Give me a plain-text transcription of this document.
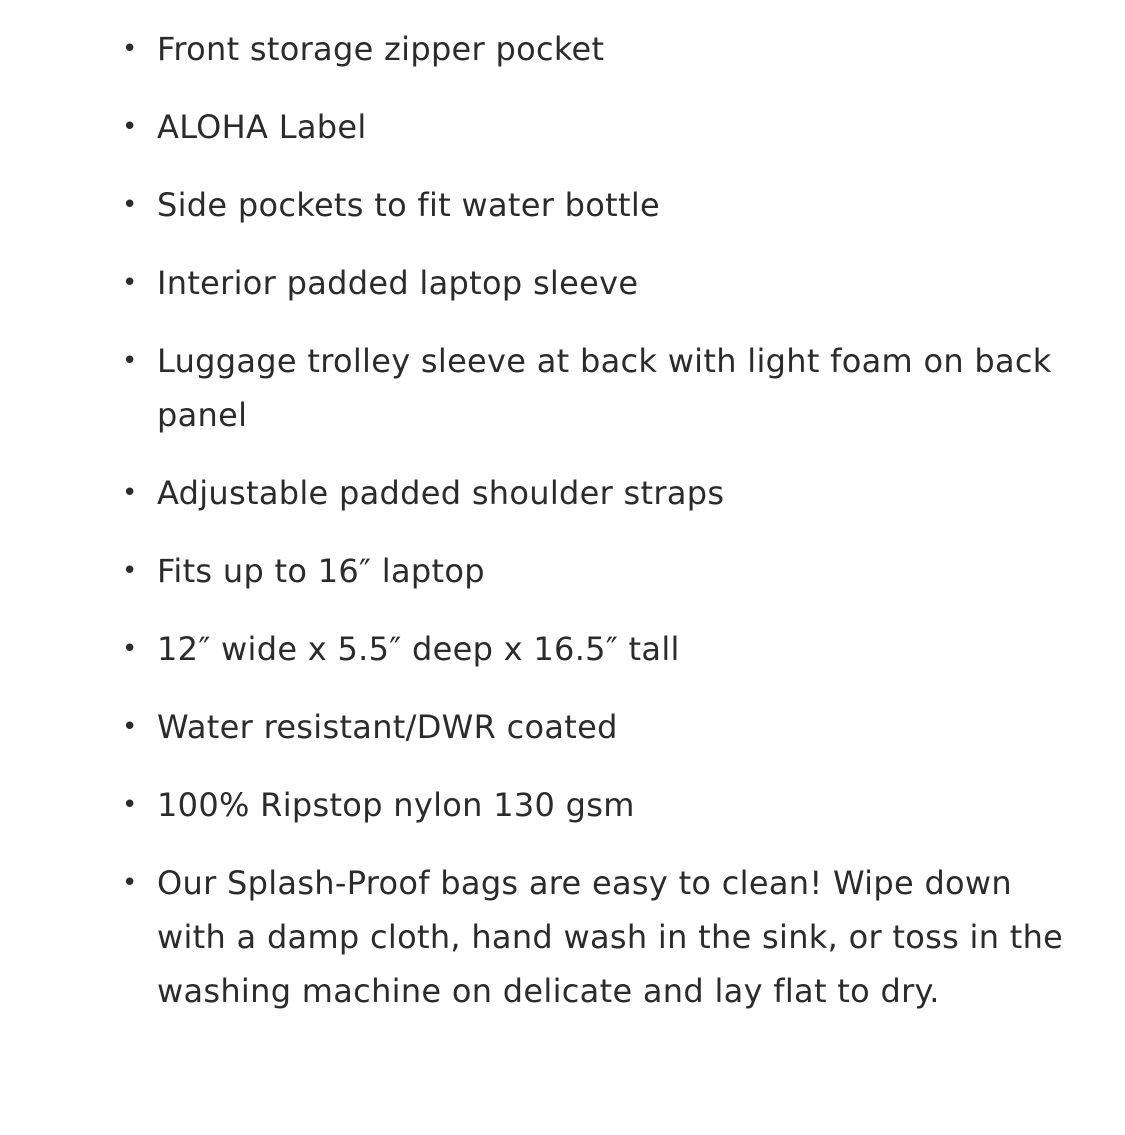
• Front storage zipper pocket
• ALOHA Label
• Side pockets to fit water bottle
• Interior padded laptop sleeve
• Luggage trolley sleeve at back with light foam on back panel
• Adjustable padded shoulder straps
• Fits up to 16″ laptop
• 12″ wide x 5.5″ deep x 16.5″ tall
• Water resistant/DWR coated
• 100% Ripstop nylon 130 gsm
• Our Splash-Proof bags are easy to clean! Wipe down with a damp cloth, hand wash in the sink, or toss in the washing machine on delicate and lay flat to dry.
